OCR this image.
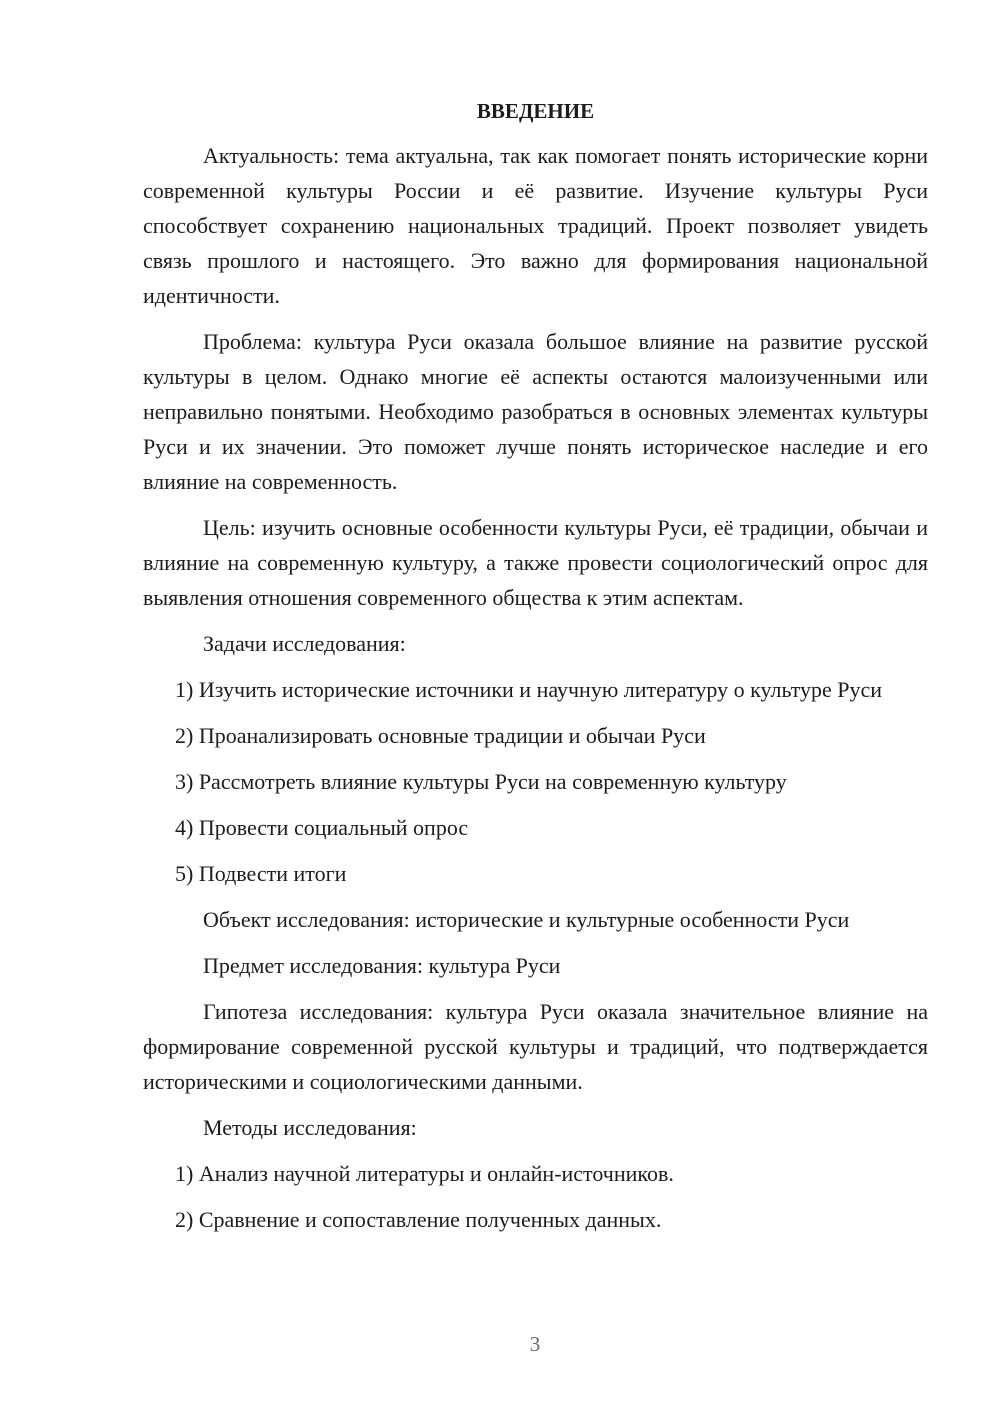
ВВЕДЕНИЕ

Актуальность: тема актуальна, так как помогает понять исторические корни современной культуры России и её развитие. Изучение культуры Руси способствует сохранению национальных традиций. Проект позволяет увидеть связь прошлого и настоящего. Это важно для формирования национальной идентичности.

Проблема: культура Руси оказала большое влияние на развитие русской культуры в целом. Однако многие её аспекты остаются малоизученными или неправильно понятыми. Необходимо разобраться в основных элементах культуры Руси и их значении. Это поможет лучше понять историческое наследие и его влияние на современность.

Цель: изучить основные особенности культуры Руси, её традиции, обычаи и влияние на современную культуру, а также провести социологический опрос для выявления отношения современного общества к этим аспектам.

Задачи исследования:

1) Изучить исторические источники и научную литературу о культуре Руси

2) Проанализировать основные традиции и обычаи Руси

3) Рассмотреть влияние культуры Руси на современную культуру

4) Провести социальный опрос

5) Подвести итоги

Объект исследования: исторические и культурные особенности Руси

Предмет исследования: культура Руси

Гипотеза исследования: культура Руси оказала значительное влияние на формирование современной русской культуры и традиций, что подтверждается историческими и социологическими данными.

Методы исследования:

1) Анализ научной литературы и онлайн-источников.

2) Сравнение и сопоставление полученных данных.

3
